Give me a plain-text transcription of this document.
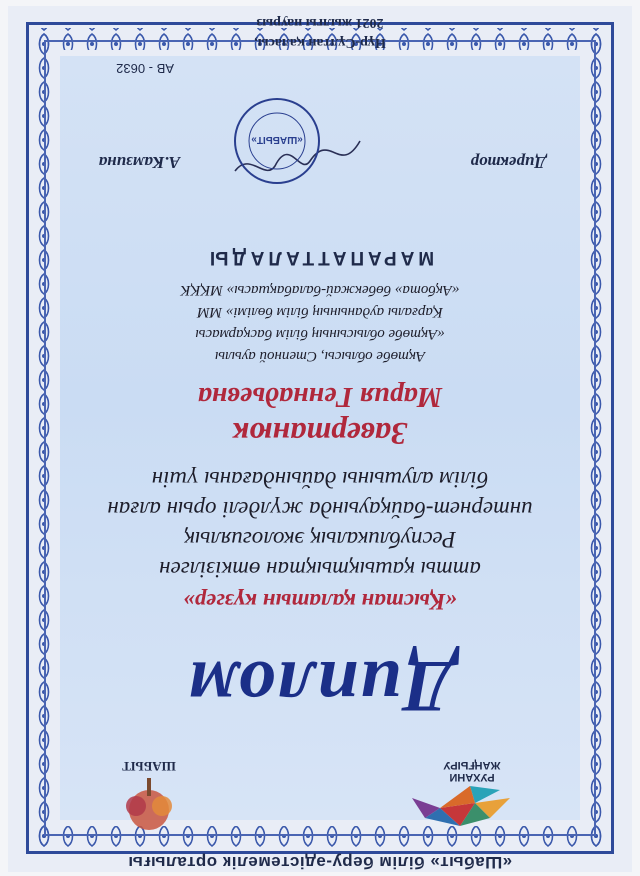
«Шабыт» білім беру-әдістемелік орталығы
РУХАНИ
ЖАҢҒЫРУ
ШАБЫТ
Диплом
«Қыстан қалатын күзгер»
атты қашықтықтан өткізілген
Республикалық экологиялық
интернет-байқауында жүлделі орын алған
білім алушыны дайындағаны үшін
Завертанюк
Мария Геннадьевна
Ақтөбе облысы, Степной ауылы
«Ақтөбе облысының білім басқармасы
Қарғалы ауданының білім бөлімі» ММ
«Ақбота» бөбекжай-балабақшасы» МҚҚК
МАРАПАТТАЛАДЫ
Директор
«ШАБЫТ»
А.Камзина
АВ - 0632
Нұр-Сұлтан қаласы,
2021 жылғы наурыз
